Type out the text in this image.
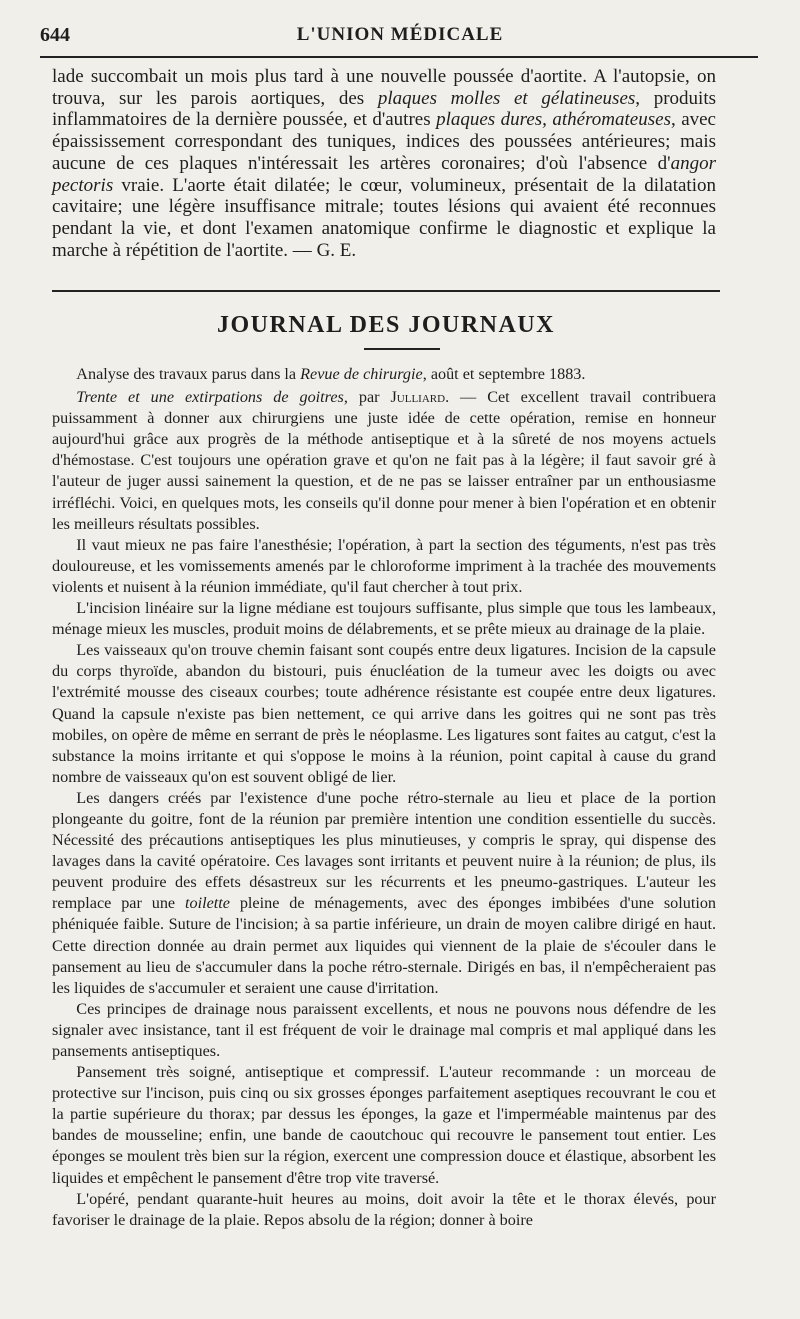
644	L'UNION MÉDICALE

lade succombait un mois plus tard à une nouvelle poussée d'aortite. A l'autopsie, on trouva, sur les parois aortiques, des plaques molles et gélatineuses, produits inflammatoires de la dernière poussée, et d'autres plaques dures, athéromateuses, avec épaississement correspondant des tuniques, indices des poussées antérieures; mais aucune de ces plaques n'intéressait les artères coronaires; d'où l'absence d'angor pectoris vraie. L'aorte était dilatée; le cœur, volumineux, présentait de la dilatation cavitaire; une légère insuffisance mitrale; toutes lésions qui avaient été reconnues pendant la vie, et dont l'examen anatomique confirme le diagnostic et explique la marche à répétition de l'aortite. — G. E.

JOURNAL DES JOURNAUX

Analyse des travaux parus dans la Revue de chirurgie, août et septembre 1883.

Trente et une extirpations de goitres, par Julliard. — Cet excellent travail contribuera puissamment à donner aux chirurgiens une juste idée de cette opération, remise en honneur aujourd'hui grâce aux progrès de la méthode antiseptique et à la sûreté de nos moyens actuels d'hémostase. C'est toujours une opération grave et qu'on ne fait pas à la légère; il faut savoir gré à l'auteur de juger aussi sainement la question, et de ne pas se laisser entraîner par un enthousiasme irréfléchi. Voici, en quelques mots, les conseils qu'il donne pour mener à bien l'opération et en obtenir les meilleurs résultats possibles.

Il vaut mieux ne pas faire l'anesthésie; l'opération, à part la section des téguments, n'est pas très douloureuse, et les vomissements amenés par le chloroforme impriment à la trachée des mouvements violents et nuisent à la réunion immédiate, qu'il faut chercher à tout prix.

L'incision linéaire sur la ligne médiane est toujours suffisante, plus simple que tous les lambeaux, ménage mieux les muscles, produit moins de délabrements, et se prête mieux au drainage de la plaie.

Les vaisseaux qu'on trouve chemin faisant sont coupés entre deux ligatures. Incision de la capsule du corps thyroïde, abandon du bistouri, puis énucléation de la tumeur avec les doigts ou avec l'extrémité mousse des ciseaux courbes; toute adhérence résistante est coupée entre deux ligatures. Quand la capsule n'existe pas bien nettement, ce qui arrive dans les goitres qui ne sont pas très mobiles, on opère de même en serrant de près le néoplasme. Les ligatures sont faites au catgut, c'est la substance la moins irritante et qui s'oppose le moins à la réunion, point capital à cause du grand nombre de vaisseaux qu'on est souvent obligé de lier.

Les dangers créés par l'existence d'une poche rétro-sternale au lieu et place de la portion plongeante du goitre, font de la réunion par première intention une condition essentielle du succès. Nécessité des précautions antiseptiques les plus minutieuses, y compris le spray, qui dispense des lavages dans la cavité opératoire. Ces lavages sont irritants et peuvent nuire à la réunion; de plus, ils peuvent produire des effets désastreux sur les récurrents et les pneumo-gastriques. L'auteur les remplace par une toilette pleine de ménagements, avec des éponges imbibées d'une solution phéniquée faible. Suture de l'incision; à sa partie inférieure, un drain de moyen calibre dirigé en haut. Cette direction donnée au drain permet aux liquides qui viennent de la plaie de s'écouler dans le pansement au lieu de s'accumuler dans la poche rétro-sternale. Dirigés en bas, il n'empêcheraient pas les liquides de s'accumuler et seraient une cause d'irritation.

Ces principes de drainage nous paraissent excellents, et nous ne pouvons nous défendre de les signaler avec insistance, tant il est fréquent de voir le drainage mal compris et mal appliqué dans les pansements antiseptiques.

Pansement très soigné, antiseptique et compressif. L'auteur recommande : un morceau de protective sur l'incison, puis cinq ou six grosses éponges parfaitement aseptiques recouvrant le cou et la partie supérieure du thorax; par dessus les éponges, la gaze et l'imperméable maintenus par des bandes de mousseline; enfin, une bande de caoutchouc qui recouvre le pansement tout entier. Les éponges se moulent très bien sur la région, exercent une compression douce et élastique, absorbent les liquides et empêchent le pansement d'être trop vite traversé.

L'opéré, pendant quarante-huit heures au moins, doit avoir la tête et le thorax élevés, pour favoriser le drainage de la plaie. Repos absolu de la région; donner à boire
